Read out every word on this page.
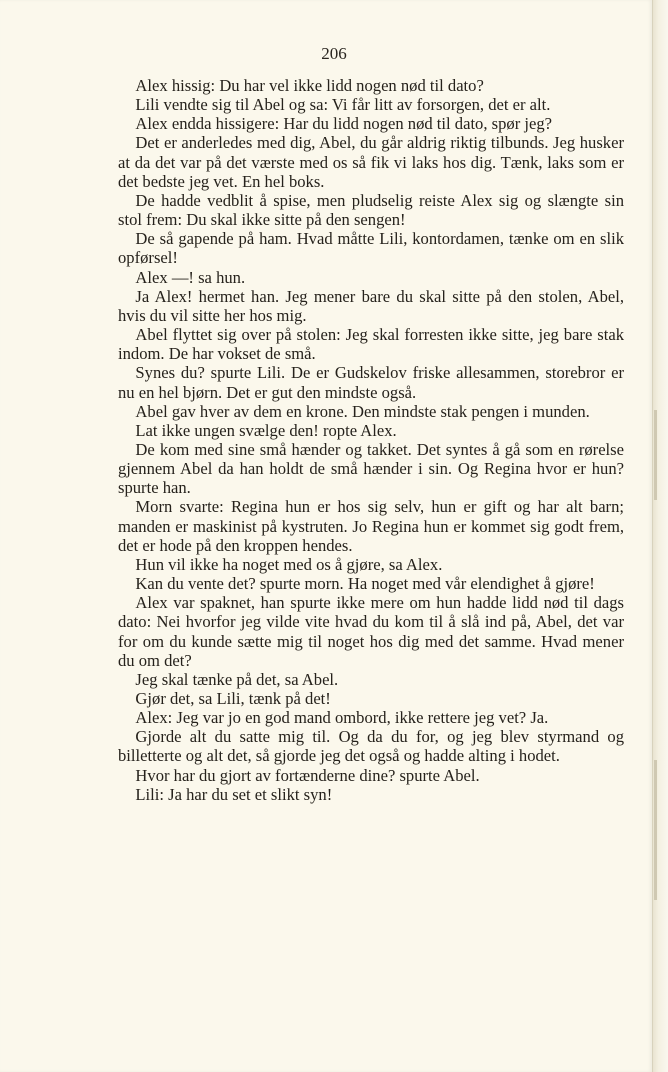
206

Alex hissig: Du har vel ikke lidd nogen nød til dato?

Lili vendte sig til Abel og sa: Vi får litt av forsorgen, det er alt.

Alex endda hissigere: Har du lidd nogen nød til dato, spør jeg?

Det er anderledes med dig, Abel, du går aldrig riktig tilbunds. Jeg husker at da det var på det værste med os så fik vi laks hos dig. Tænk, laks som er det bedste jeg vet. En hel boks.

De hadde vedblit å spise, men pludselig reiste Alex sig og slængte sin stol frem: Du skal ikke sitte på den sengen!

De så gapende på ham. Hvad måtte Lili, kontordamen, tænke om en slik opførsel!

Alex —! sa hun.

Ja Alex! hermet han. Jeg mener bare du skal sitte på den stolen, Abel, hvis du vil sitte her hos mig.

Abel flyttet sig over på stolen: Jeg skal forresten ikke sitte, jeg bare stak indom. De har vokset de små.

Synes du? spurte Lili. De er Gudskelov friske allesammen, storebror er nu en hel bjørn. Det er gut den mindste også.

Abel gav hver av dem en krone. Den mindste stak pengen i munden.

Lat ikke ungen svælge den! ropte Alex.

De kom med sine små hænder og takket. Det syntes å gå som en rørelse gjennem Abel da han holdt de små hænder i sin. Og Regina hvor er hun? spurte han.

Morn svarte: Regina hun er hos sig selv, hun er gift og har alt barn; manden er maskinist på kystruten. Jo Regina hun er kommet sig godt frem, det er hode på den kroppen hendes.

Hun vil ikke ha noget med os å gjøre, sa Alex.

Kan du vente det? spurte morn. Ha noget med vår elendighet å gjøre!

Alex var spaknet, han spurte ikke mere om hun hadde lidd nød til dags dato: Nei hvorfor jeg vilde vite hvad du kom til å slå ind på, Abel, det var for om du kunde sætte mig til noget hos dig med det samme. Hvad mener du om det?

Jeg skal tænke på det, sa Abel.

Gjør det, sa Lili, tænk på det!

Alex: Jeg var jo en god mand ombord, ikke rettere jeg vet? Ja.

Gjorde alt du satte mig til. Og da du for, og jeg blev styrmand og billetterte og alt det, så gjorde jeg det også og hadde alting i hodet.

Hvor har du gjort av fortænderne dine? spurte Abel.

Lili: Ja har du set et slikt syn!
